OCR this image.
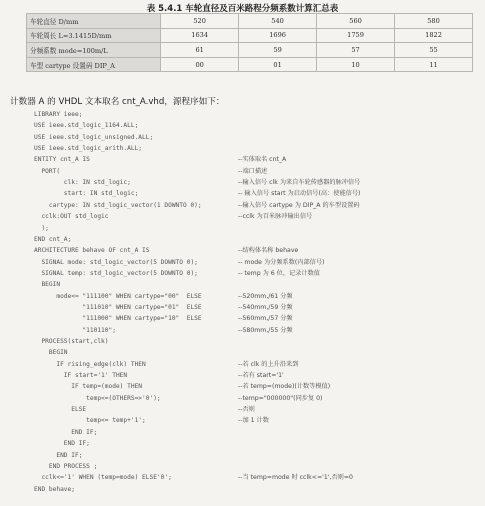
表 5.4.1 车轮直径及百米路程分频系数计算汇总表
车轮直径 D/mm	520	540	560	580
车轮周长 L=3.1415D/mm	1634	1696	1759	1822
分频系数 mode=100m/L	61	59	57	55
车型 cartype 设置码 DIP_A	00	01	10	11
计数器 A 的 VHDL 文本取名 cnt_A.vhd，源程序如下：
LIBRARY ieee;
USE ieee.std_logic_1164.ALL;
USE ieee.std_logic_unsigned.ALL;
USE ieee.std_logic_arith.ALL;
ENTITY cnt_A IS	--实体取名 cnt_A
PORT(	--端口描述
clk: IN std_logic;	--输入信号 clk 为来自车轮传感器的脉冲信号
start: IN std_logic;	-- 输入信号 start 为启动信号(高：使能信号)
cartype: IN std_logic_vector(1 DOWNTO 0);	--输入信号 cartype 为 DIP_A 的车型设置码
cclk:OUT std_logic	--cclk 为百米脉冲输出信号
);
END cnt_A;
ARCHITECTURE behave OF cnt_A IS	--结构体名称 behave
SIGNAL mode: std_logic_vector(5 DOWNTO 0);	-- mode 为分频系数(内部信号)
SIGNAL temp: std_logic_vector(5 DOWNTO 0);	-- temp 为 6 位，记录计数值
BEGIN
mode<= "111100" WHEN cartype="00"  ELSE	--520mm,/61 分频
"111010" WHEN cartype="01"  ELSE	--540mm,/59 分频
"111000" WHEN cartype="10"  ELSE	--560mm,/57 分频
"110110";	--580mm,/55 分频
PROCESS(start,clk)
BEGIN
IF rising_edge(clk) THEN	--若 clk 的上升沿来到
IF start='1' THEN	--若有 start='1'
IF temp=(mode) THEN	--若 temp=(mode)(计数等模值)
temp<=(OTHERS=>'0');	--temp="000000"(同步复 0)
ELSE	--否则
temp<= temp+'1';	--加 1 计数
END IF;
END IF;
END IF;
END PROCESS ;
cclk<='1' WHEN (temp=mode) ELSE'0';	--当 temp=mode 时 cclk<='1',否则=0
END behave;
